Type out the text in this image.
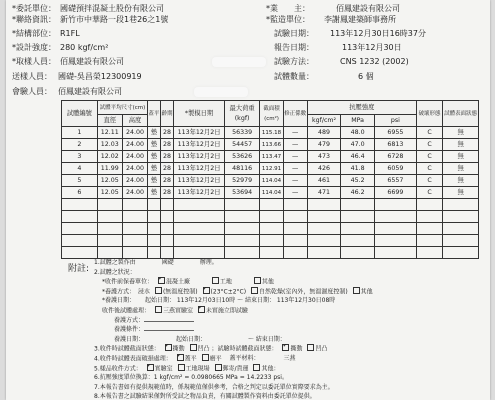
*委託單位： 國礎預拌混凝土股份有限公司	*業　　主：	佰鳳建設有限公司
*聯絡資訊： 新竹市中華路一段1巷26之1號	*監造單位： 李謝鳳建築師事務所
*結構部位： R1FL	試驗日期： 113年12月30日16時37分
*設計強度： 280 kgf/cm²	報告日期：	113年12月30日
*取樣人員： 佰鳳建設有限公司	試驗方法：	CNS 1232 (2002)
送樣人員： 國礎-吳昌榮12300919	試體數量：	6 個
會驗人員： 佰鳳建設有限公司
試體編號	試體平均尺寸(cm)		蓋平	齡期	*製模日期	最大荷重
(kgf)	截面積
(cm²)	修正係數	抗壓強度			破壞形態	試體表面狀態
	直徑	高度							kgf/cm²	MPa	psi		
1	12.11	24.00	墊	28	113年12月2日	56339	115.18	—	489	48.0	6955	C	無
2	12.03	24.00	墊	28	113年12月2日	54457	113.66	—	479	47.0	6813	C	無
3	12.02	24.00	墊	28	113年12月2日	53626	113.47	—	473	46.4	6728	C	無
4	11.99	24.00	墊	28	113年12月2日	48116	112.91	—	426	41.8	6059	C	無
5	12.05	24.00	墊	28	113年12月2日	52979	114.04	—	461	45.2	6557	C	無
6	12.05	24.00	墊	28	113年12月2日	53694	114.04	—	471	46.2	6699	C	無

附註:
1.試體之製作由	國礎	辦理。
2.試體之狀況：
*收件前保養單位： ✓ 混凝土廠	工地	其他
*養護方式：　浸水 (無溫度控制) ✓ (23°C±2°C) 自然乾燥(室內外，無溫濕度控制) 其他
*養護日期： 起始日期： 113年12月03日10時 ～ 結束日期： 113年12月30日08時
收件後試體處理： 三燕實驗室 ✓ 未實施立即試驗
養護方式：
養護條件：
養護日期：	起始日期：	～ 結束日期：
3.收件時試體截面狀態： ✓ 撕動 凹凸 ；試驗時試體截面狀態： ✓ 撕動 凹凸
4.收件時試體表面破損處理： ✓ 蓋平 磨平 蓋平材料：	三燕
5.樣品收件方式： ✓ 實驗室 工地現場 郵寄/貨運 其他：
6.抗壓強度單位換算：1 kgf/cm² = 0.0980665 MPa = 14.2233 psi。
7.本報告書如有提供規範值時，係規範值僅供參考，合格之判定以委託單位實際要求為主。
8.本報告書之試驗結果僅對所受試之物品負責，有關試體製作資料由委託單位提供。
